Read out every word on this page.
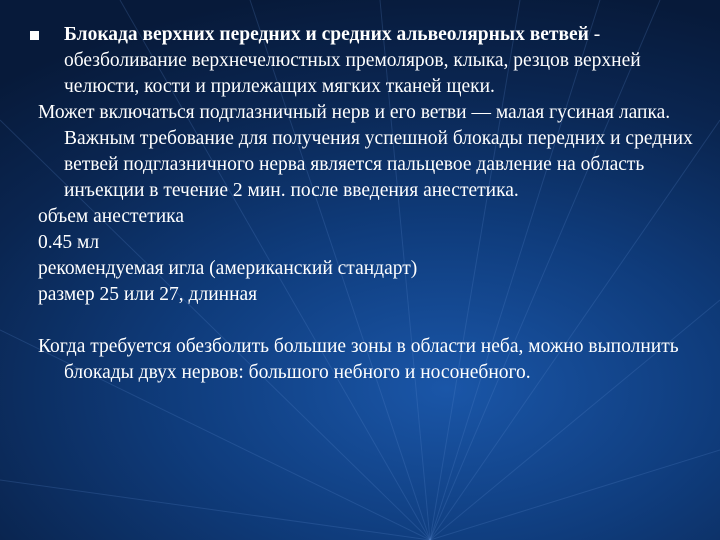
Блокада верхних передних и средних альвеолярных ветвей - обезболивание верхнечелюстных премоляров, клыка, резцов верхней челюсти, кости и прилежащих мягких тканей щеки.

Может включаться подглазничный нерв и его ветви — малая гусиная лапка. Важным требование для получения успешной блокады передних и средних ветвей подглазничного нерва является пальцевое давление на область инъекции в течение 2 мин. после введения анестетика.
объем анестетика
0.45 мл
рекомендуемая игла (американский стандарт)
размер 25 или 27, длинная

Когда требуется обезболить большие зоны в области неба, можно выполнить блокады двух нервов: большого небного и носонебного.
